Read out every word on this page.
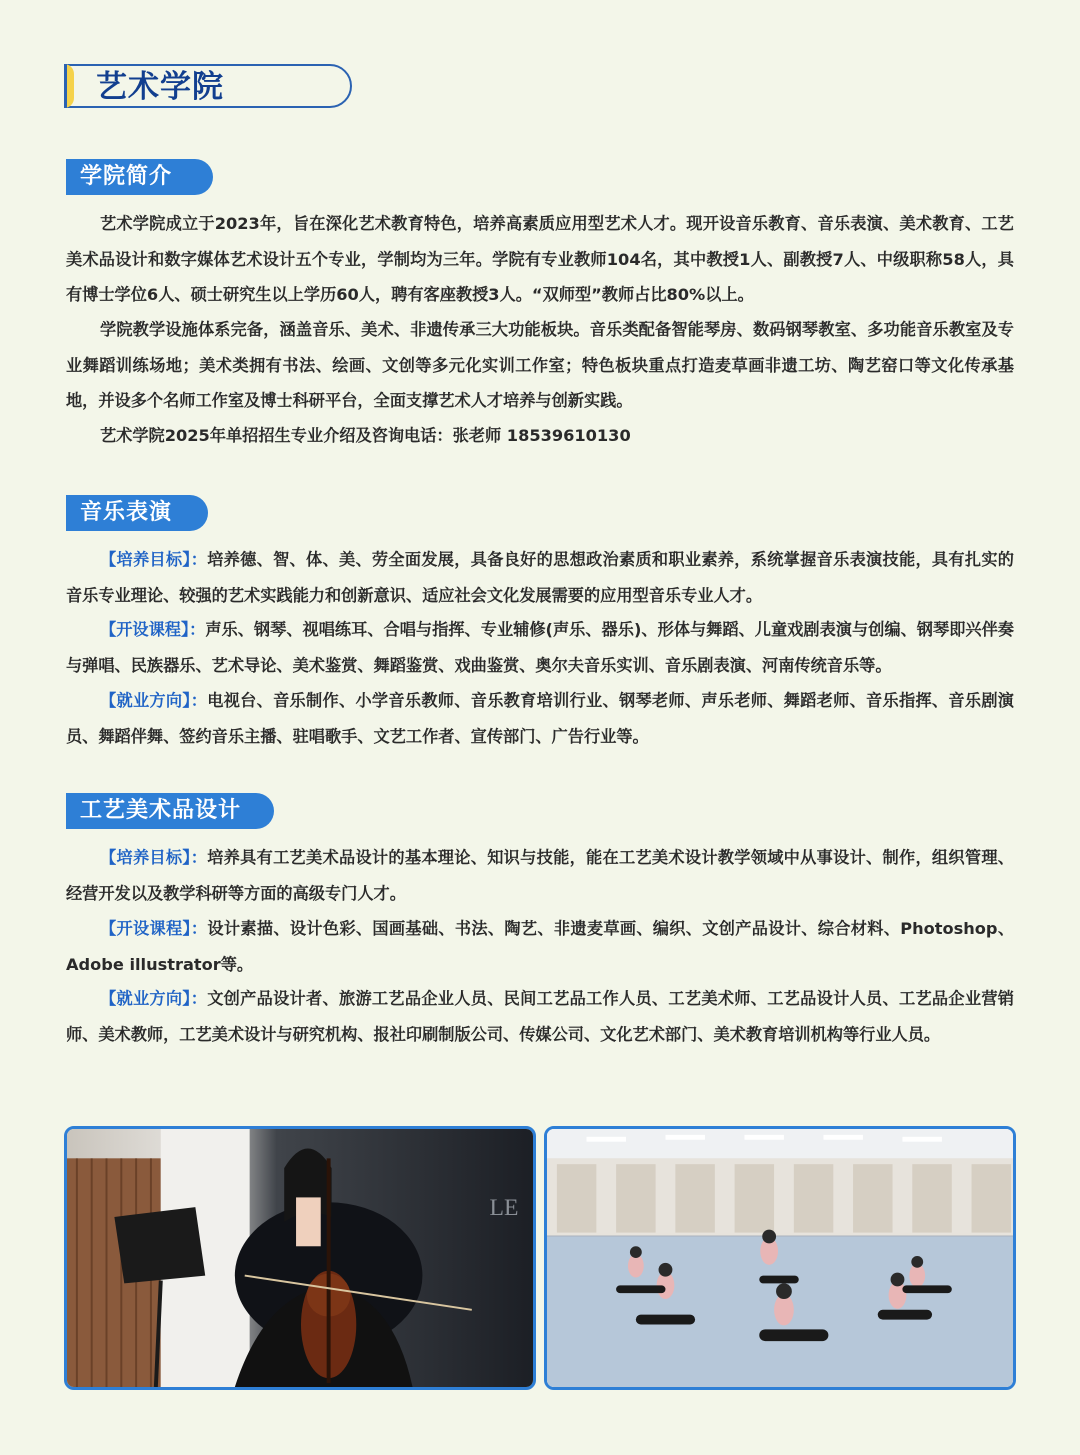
艺术学院
学院简介

艺术学院成立于2023年，旨在深化艺术教育特色，培养高素质应用型艺术人才。现开设音乐教育、音乐表演、美术教育、工艺美术品设计和数字媒体艺术设计五个专业，学制均为三年。学院有专业教师104名，其中教授1人、副教授7人、中级职称58人，具有博士学位6人、硕士研究生以上学历60人，聘有客座教授3人。“双师型”教师占比80%以上。

学院教学设施体系完备，涵盖音乐、美术、非遗传承三大功能板块。音乐类配备智能琴房、数码钢琴教室、多功能音乐教室及专业舞蹈训练场地；美术类拥有书法、绘画、文创等多元化实训工作室；特色板块重点打造麦草画非遗工坊、陶艺窑口等文化传承基地，并设多个名师工作室及博士科研平台，全面支撑艺术人才培养与创新实践。

艺术学院2025年单招招生专业介绍及咨询电话：张老师 18539610130

音乐表演

【培养目标】：培养德、智、体、美、劳全面发展，具备良好的思想政治素质和职业素养，系统掌握音乐表演技能，具有扎实的音乐专业理论、较强的艺术实践能力和创新意识、适应社会文化发展需要的应用型音乐专业人才。

【开设课程】：声乐、钢琴、视唱练耳、合唱与指挥、专业辅修(声乐、器乐)、形体与舞蹈、儿童戏剧表演与创编、钢琴即兴伴奏与弹唱、民族器乐、艺术导论、美术鉴赏、舞蹈鉴赏、戏曲鉴赏、奥尔夫音乐实训、音乐剧表演、河南传统音乐等。

【就业方向】：电视台、音乐制作、小学音乐教师、音乐教育培训行业、钢琴老师、声乐老师、舞蹈老师、音乐指挥、音乐剧演员、舞蹈伴舞、签约音乐主播、驻唱歌手、文艺工作者、宣传部门、广告行业等。

工艺美术品设计

【培养目标】：培养具有工艺美术品设计的基本理论、知识与技能，能在工艺美术设计教学领域中从事设计、制作，组织管理、经营开发以及教学科研等方面的高级专门人才。

【开设课程】：设计素描、设计色彩、国画基础、书法、陶艺、非遗麦草画、编织、文创产品设计、综合材料、Photoshop、Adobe illustrator等。

【就业方向】：文创产品设计者、旅游工艺品企业人员、民间工艺品工作人员、工艺美术师、工艺品设计人员、工艺品企业营销师、美术教师，工艺美术设计与研究机构、报社印刷制版公司、传媒公司、文化艺术部门、美术教育培训机构等行业人员。

LE
